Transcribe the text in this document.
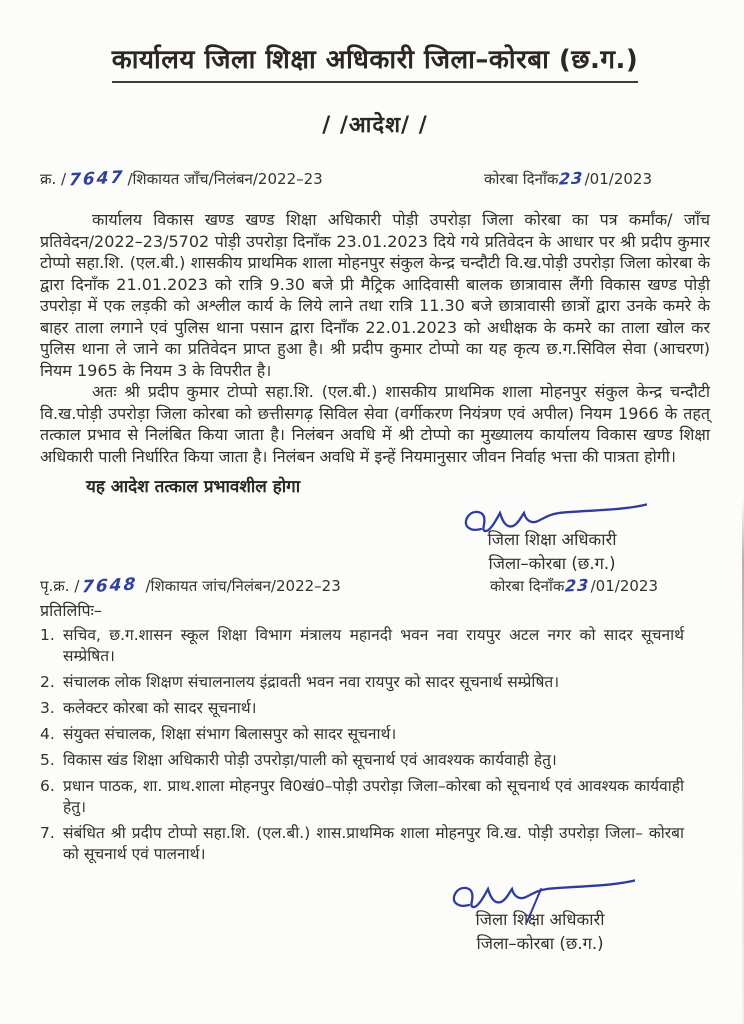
कार्यालय जिला शिक्षा अधिकारी जिला–कोरबा (छ.ग.)
/ /आदेश/ /
क्र. / 7647 /शिकायत जाँच/निलंबन/2022–23	कोरबा दिनाँक23/01/2023

कार्यालय विकास खण्ड खण्ड शिक्षा अधिकारी पोड़ी उपरोड़ा जिला कोरबा का पत्र कर्मांक/ जाँच प्रतिवेदन/2022–23/5702 पोड़ी उपरोड़ा दिनाँक 23.01.2023 दिये गये प्रतिवेदन के आधार पर श्री प्रदीप कुमार टोप्पो सहा.शि. (एल.बी.) शासकीय प्राथमिक शाला मोहनपुर संकुल केन्द्र चन्दौटी वि.ख.पोड़ी उपरोड़ा जिला कोरबा के द्वारा दिनाँक 21.01.2023 को रात्रि 9.30 बजे प्री मैट्रिक आदिवासी बालक छात्रावास लैंगी विकास खण्ड पोड़ी उपरोड़ा में एक लड़की को अश्लील कार्य के लिये लाने तथा रात्रि 11.30 बजे छात्रावासी छात्रों द्वारा उनके कमरे के बाहर ताला लगाने एवं पुलिस थाना पसान द्वारा दिनाँक 22.01.2023 को अधीक्षक के कमरे का ताला खोल कर पुलिस थाना ले जाने का प्रतिवेदन प्राप्त हुआ है। श्री प्रदीप कुमार टोप्पो का यह कृत्य छ.ग.सिविल सेवा (आचरण) नियम 1965 के नियम 3 के विपरीत है।

अतः श्री प्रदीप कुमार टोप्पो सहा.शि. (एल.बी.) शासकीय प्राथमिक शाला मोहनपुर संकुल केन्द्र चन्दौटी वि.ख.पोड़ी उपरोड़ा जिला कोरबा को छत्तीसगढ़ सिविल सेवा (वर्गीकरण नियंत्रण एवं अपील) नियम 1966 के तहत् तत्काल प्रभाव से निलंबित किया जाता है। निलंबन अवधि में श्री टोप्पो का मुख्यालय कार्यालय विकास खण्ड शिक्षा अधिकारी पाली निर्धारित किया जाता है। निलंबन अवधि में इन्हें नियमानुसार जीवन निर्वाह भत्ता की पात्रता होगी।

यह आदेश तत्काल प्रभावशील होगा
जिला शिक्षा अधिकारी
जिला–कोरबा (छ.ग.)
पृ.क्र. / 7648 /शिकायत जांच/निलंबन/2022–23	कोरबा दिनाँक23/01/2023
प्रतिलिपिः–
1. सचिव, छ.ग.शासन स्कूल शिक्षा विभाग मंत्रालय महानदी भवन नवा रायपुर अटल नगर को सादर सूचनार्थ सम्प्रेषित।
2. संचालक लोक शिक्षण संचालनालय इंद्रावती भवन नवा रायपुर को सादर सूचनार्थ सम्प्रेषित।
3. कलेक्टर कोरबा को सादर सूचनार्थ।
4. संयुक्त संचालक, शिक्षा संभाग बिलासपुर को सादर सूचनार्थ।
5. विकास खंड शिक्षा अधिकारी पोड़ी उपरोड़ा/पाली को सूचनार्थ एवं आवश्यक कार्यवाही हेतु।
6. प्रधान पाठक, शा. प्राथ.शाला मोहनपुर वि0खं0–पोड़ी उपरोड़ा जिला–कोरबा को सूचनार्थ एवं आवश्यक कार्यवाही हेतु।
7. संबंधित श्री प्रदीप टोप्पो सहा.शि. (एल.बी.) शास.प्राथमिक शाला मोहनपुर वि.ख. पोड़ी उपरोड़ा जिला– कोरबा को सूचनार्थ एवं पालनार्थ।
जिला शिक्षा अधिकारी
जिला–कोरबा (छ.ग.)
